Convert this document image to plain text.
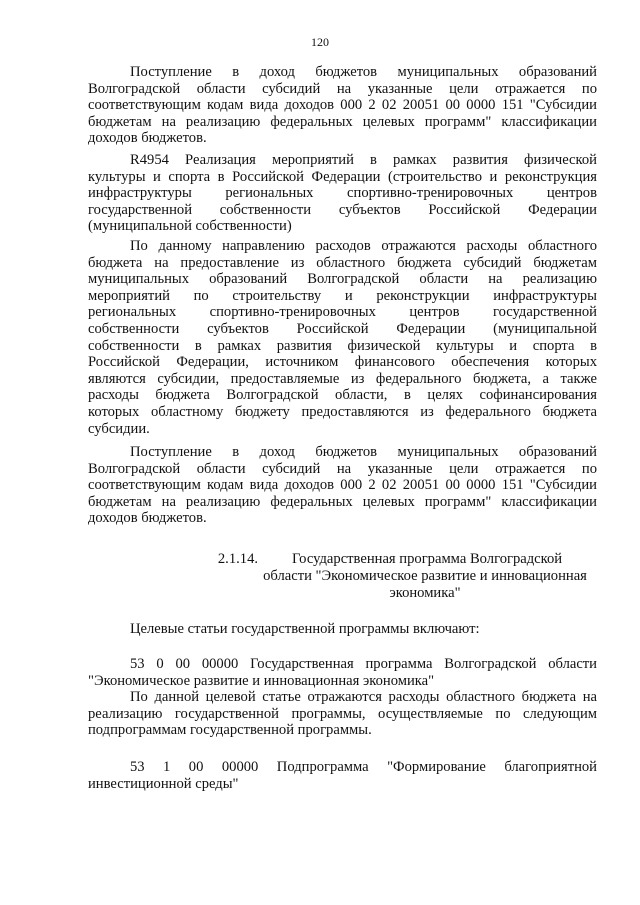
120

Поступление в доход бюджетов муниципальных образований

Волгоградской области субсидий на указанные цели отражается по

соответствующим кодам вида доходов 000 2 02 20051 00 0000 151 "Субсидии

бюджетам на реализацию федеральных целевых программ" классификации

доходов бюджетов.

R4954 Реализация мероприятий в рамках развития физической

культуры и спорта в Российской Федерации (строительство и реконструкция

инфраструктуры региональных спортивно-тренировочных центров

государственной собственности субъектов Российской Федерации

(муниципальной собственности)

По данному направлению расходов отражаются расходы областного

бюджета на предоставление из областного бюджета субсидий бюджетам

муниципальных образований Волгоградской области на реализацию

мероприятий по строительству и реконструкции инфраструктуры

региональных спортивно-тренировочных центров государственной

собственности субъектов Российской Федерации (муниципальной

собственности в рамках развития физической культуры и спорта в

Российской Федерации, источником финансового обеспечения которых

являются субсидии, предоставляемые из федерального бюджета, а также

расходы бюджета Волгоградской области, в целях софинансирования

которых областному бюджету предоставляются из федерального бюджета

субсидии.

Поступление в доход бюджетов муниципальных образований

Волгоградской области субсидий на указанные цели отражается по

соответствующим кодам вида доходов 000 2 02 20051 00 0000 151 "Субсидии

бюджетам на реализацию федеральных целевых программ" классификации

доходов бюджетов.

2.1.14. Государственная программа Волгоградской
области "Экономическое развитие и инновационная
экономика"

Целевые статьи государственной программы включают:

53 0 00 00000 Государственная программа Волгоградской области

"Экономическое развитие и инновационная экономика"

По данной целевой статье отражаются расходы областного бюджета на

реализацию государственной программы, осуществляемые по следующим

подпрограммам государственной программы.

53 1 00 00000 Подпрограмма "Формирование благоприятной

инвестиционной среды"
